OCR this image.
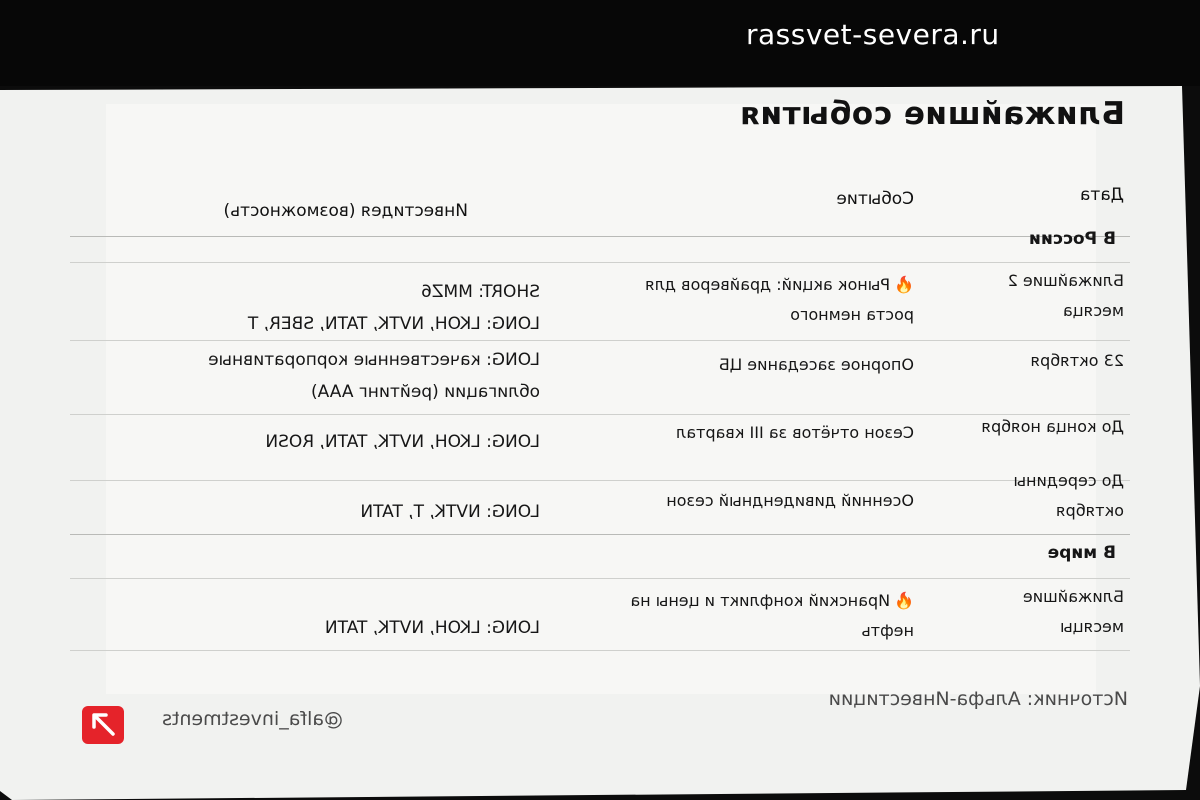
rassvet-severa.ru
Ближайшие события
Дата
Событие
Инвестидея (возможность)
В России
Ближайшие 2
месяца
🔥Рынок акций: драйверов для
роста немного
SHORT: MMZ6
LONG: LKOH, NVTK, TATN, SBER, T
23 октября
Опорное заседание ЦБ
LONG: качественные корпоративные
облигации (рейтинг AAA)
До конца ноября
Сезон отчётов за III квартал
LONG: LKOH, NVTK, TATN, ROSN
До середины
октября
Осенний дивидендный сезон
LONG: NVTK, T, TATN
В мире
Ближайшие
месяцы
🔥Иранский конфликт и цены на
нефть
LONG: LKOH, NVTK, TATN
Источник: Альфа-Инвестиции
@alfa_investments
